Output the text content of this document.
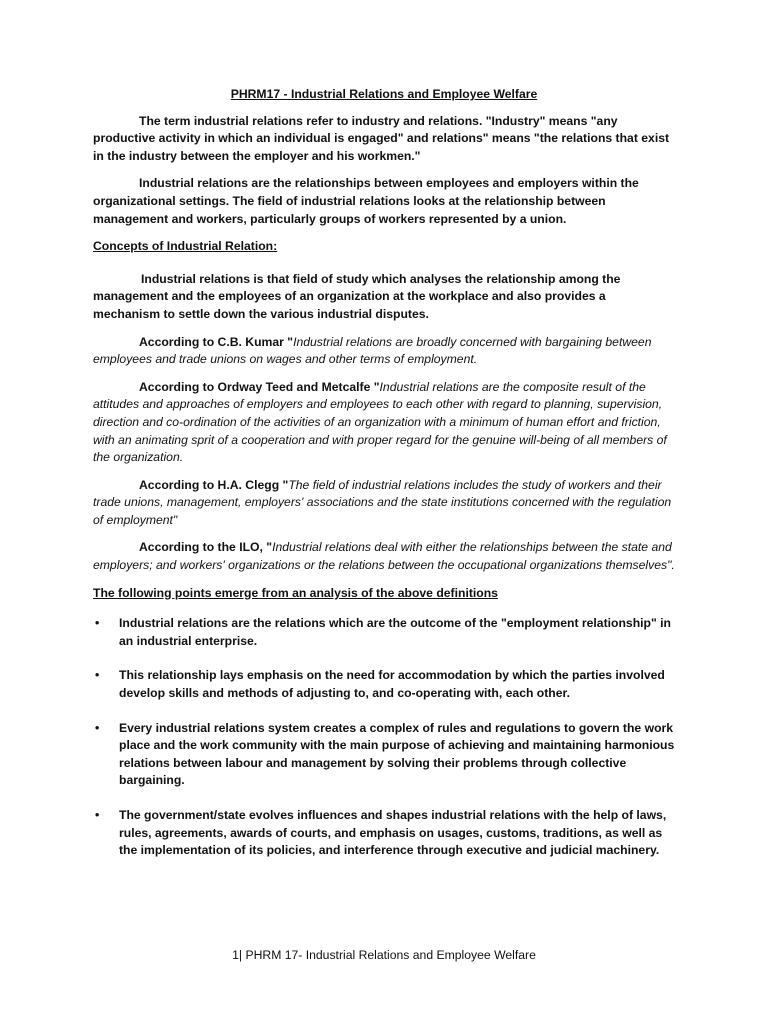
PHRM17 - Industrial Relations and Employee Welfare

The term industrial relations refer to industry and relations. "Industry" means "any productive activity in which an individual is engaged" and relations" means "the relations that exist in the industry between the employer and his workmen."

Industrial relations are the relationships between employees and employers within the organizational settings. The field of industrial relations looks at the relationship between management and workers, particularly groups of workers represented by a union.

Concepts of Industrial Relation:

Industrial relations is that field of study which analyses the relationship among the management and the employees of an organization at the workplace and also provides a mechanism to settle down the various industrial disputes.

According to C.B. Kumar "Industrial relations are broadly concerned with bargaining between employees and trade unions on wages and other terms of employment.

According to Ordway Teed and Metcalfe "Industrial relations are the composite result of the attitudes and approaches of employers and employees to each other with regard to planning, supervision, direction and co-ordination of the activities of an organization with a minimum of human effort and friction, with an animating sprit of a cooperation and with proper regard for the genuine will-being of all members of the organization.

According to H.A. Clegg "The field of industrial relations includes the study of workers and their trade unions, management, employers' associations and the state institutions concerned with the regulation of employment"

According to the ILO, "Industrial relations deal with either the relationships between the state and employers; and workers' organizations or the relations between the occupational organizations themselves".

The following points emerge from an analysis of the above definitions
• Industrial relations are the relations which are the outcome of the "employment relationship" in an industrial enterprise.
• This relationship lays emphasis on the need for accommodation by which the parties involved develop skills and methods of adjusting to, and co-operating with, each other.
• Every industrial relations system creates a complex of rules and regulations to govern the work place and the work community with the main purpose of achieving and maintaining harmonious relations between labour and management by solving their problems through collective bargaining.
• The government/state evolves influences and shapes industrial relations with the help of laws, rules, agreements, awards of courts, and emphasis on usages, customs, traditions, as well as the implementation of its policies, and interference through executive and judicial machinery.
1| PHRM 17- Industrial Relations and Employee Welfare
